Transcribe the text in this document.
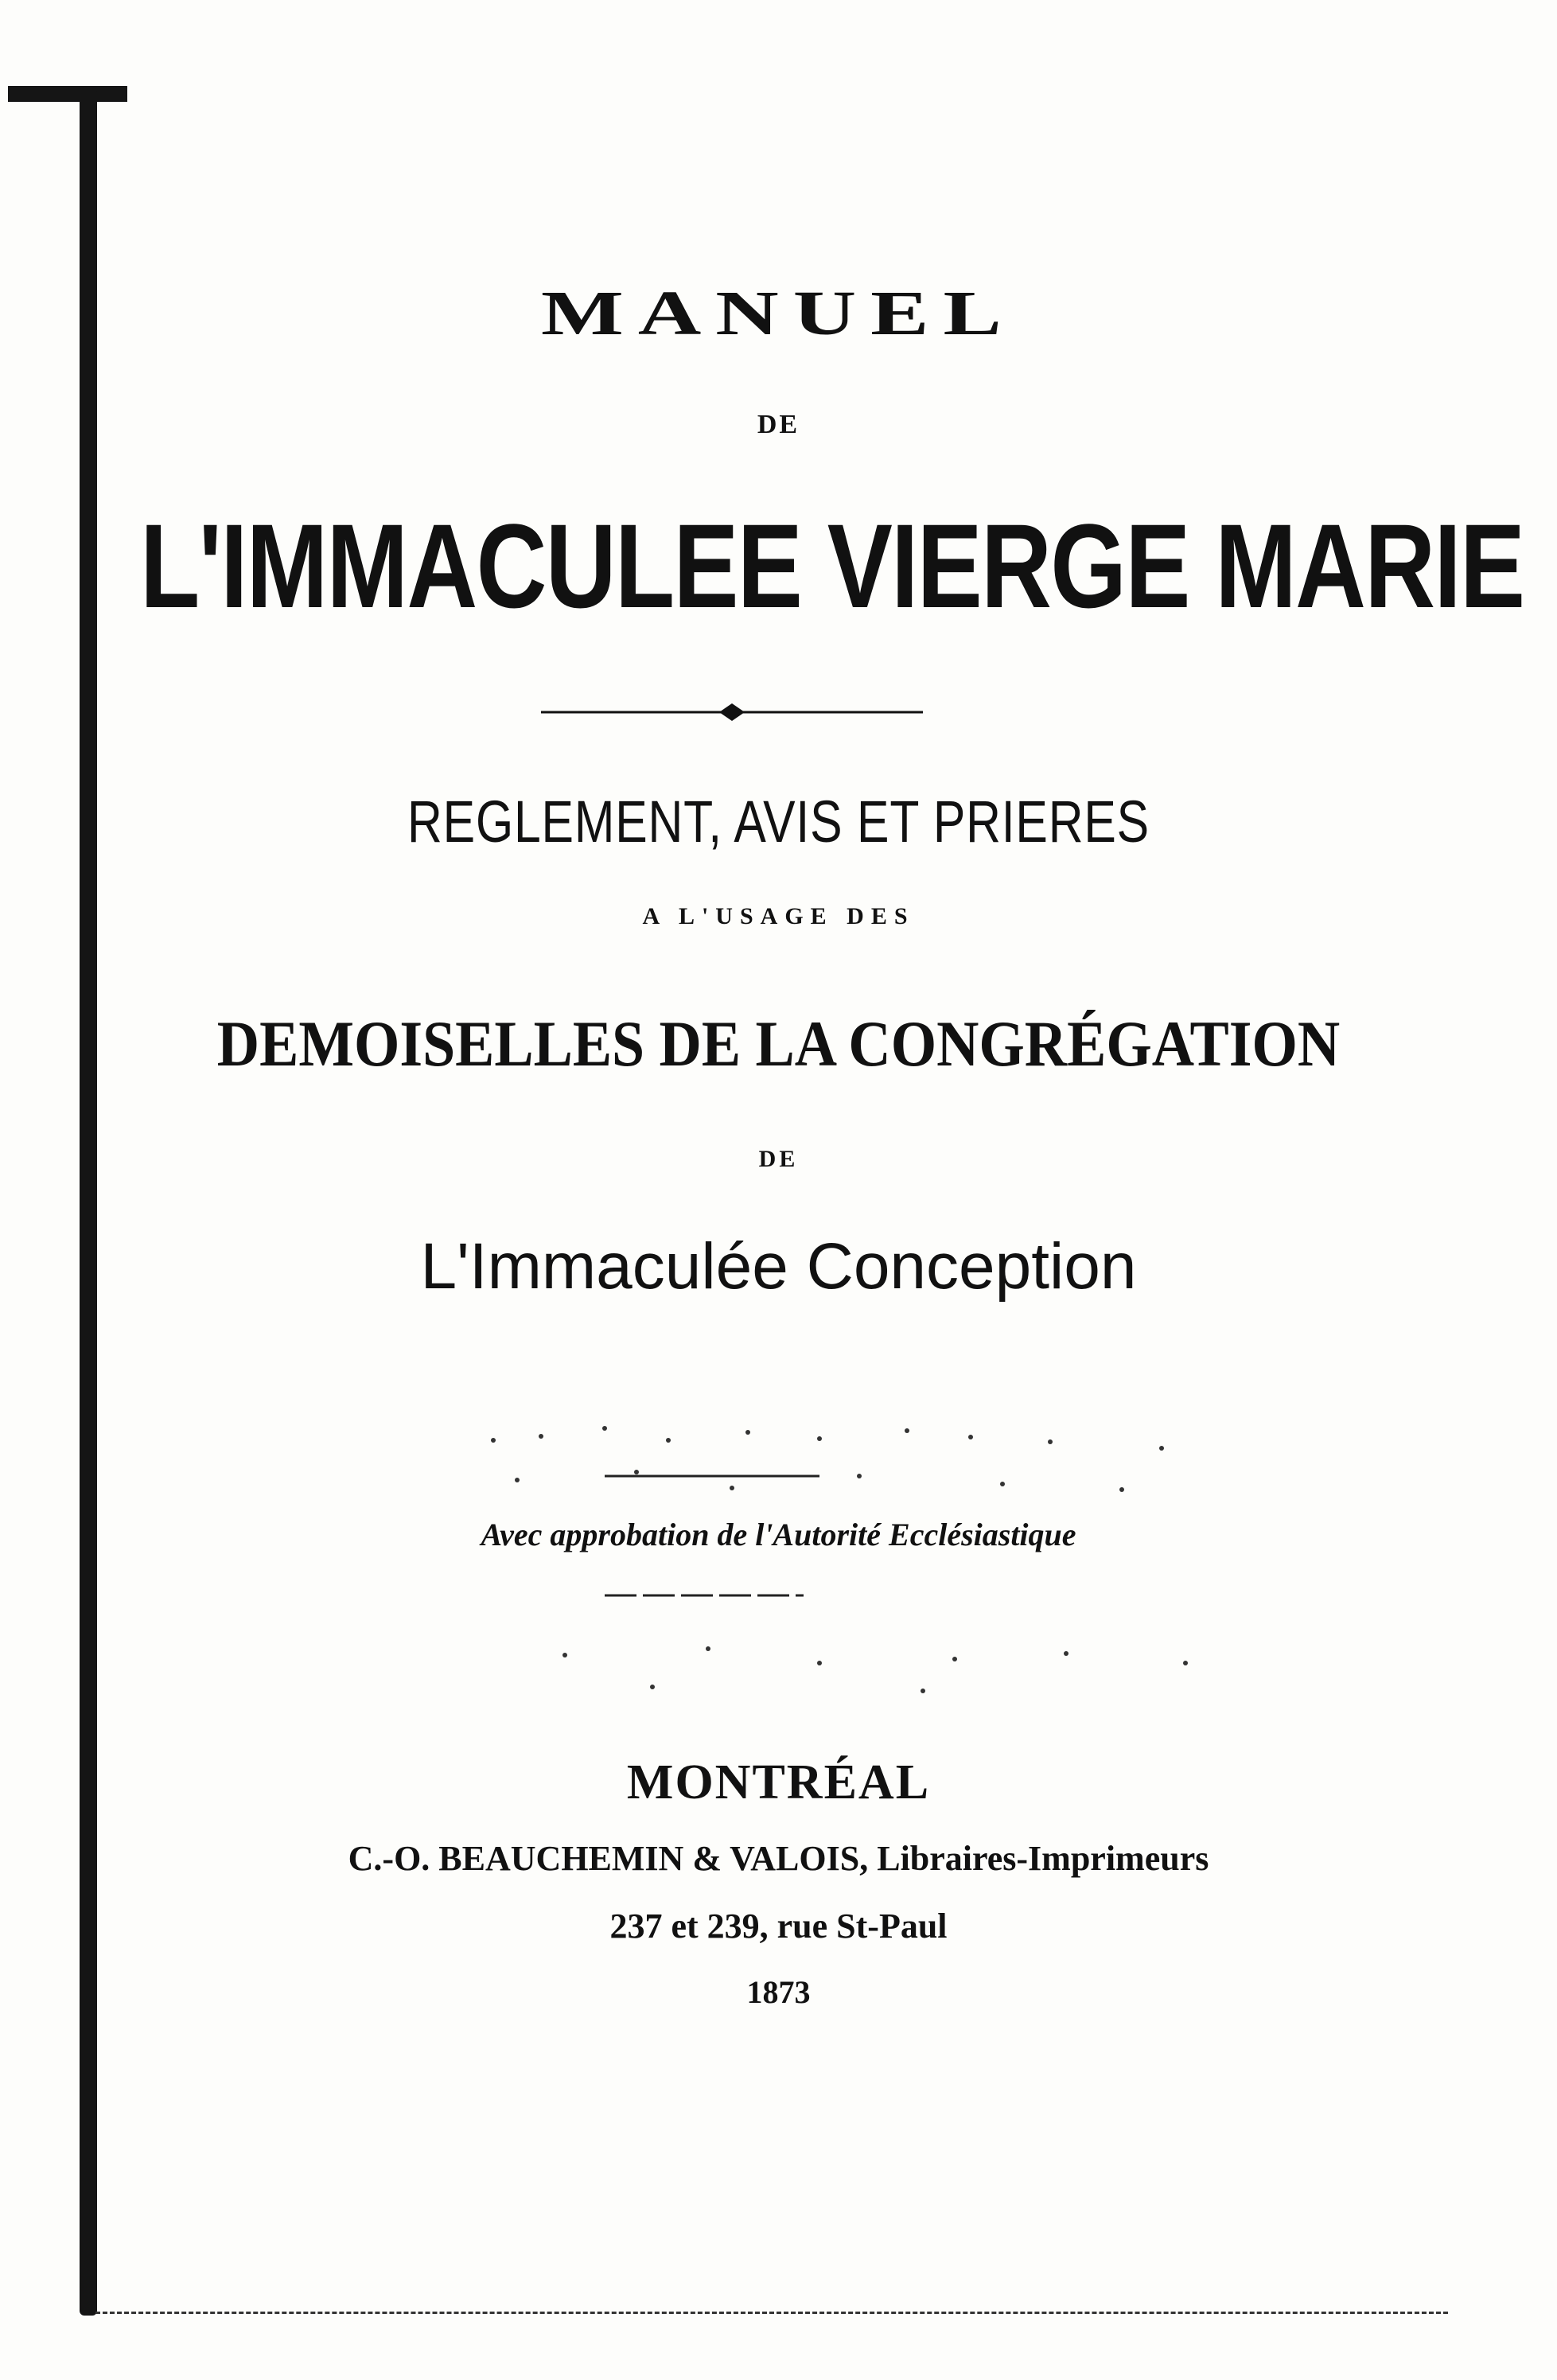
MANUEL
DE
L'IMMACULEE VIERGE MARIE
REGLEMENT, AVIS ET PRIERES
A L'USAGE DES
DEMOISELLES DE LA CONGRÉGATION
DE
L'Immaculée Conception
Avec approbation de l'Autorité Ecclésiastique
MONTRÉAL
C.-O. BEAUCHEMIN & VALOIS, Libraires-Imprimeurs
237 et 239, rue St-Paul
1873
